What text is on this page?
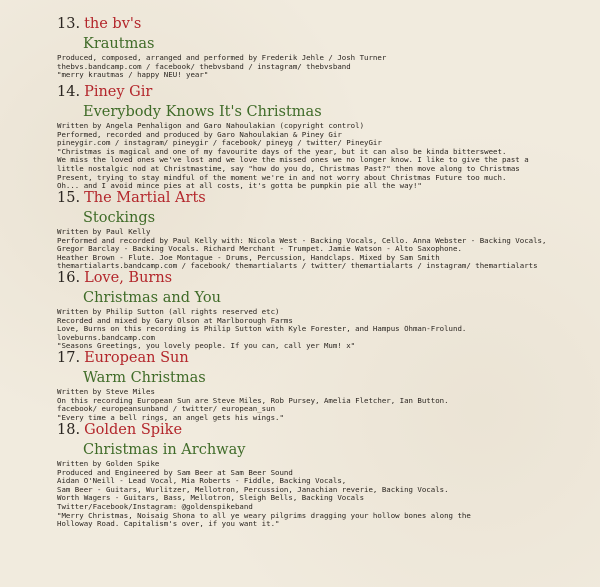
13. the bv's
Krautmas
Produced, composed, arranged and performed by Frederik Jehle / Josh Turner
thebvs.bandcamp.com / facebook/ thebvsband / instagram/ thebvsband
"merry krautmas / happy NEU! year"
14. Piney Gir
Everybody Knows It's Christmas
Written by Angela Penhaligon and Garo Nahoulakian (copyright control)
Performed, recorded and produced by Garo Nahoulakian & Piney Gir
pineygir.com / instagram/ pineygir / facebook/ pineyg / twitter/ PineyGir
"Christmas is magical and one of my favourite days of the year, but it can also be kinda bittersweet.
We miss the loved ones we've lost and we love the missed ones we no longer know. I like to give the past a
little nostalgic nod at Christmastime, say "how do you do, Christmas Past?" then move along to Christmas
Present, trying to stay mindful of the moment we're in and not worry about Christmas Future too much.
Oh... and I avoid mince pies at all costs, it's gotta be pumpkin pie all the way!"
15. The Martial Arts
Stockings
Written by Paul Kelly
Performed and recorded by Paul Kelly with: Nicola West - Backing Vocals, Cello. Anna Webster - Backing Vocals,
Gregor Barclay - Backing Vocals. Richard Merchant - Trumpet. Jamie Watson - Alto Saxophone.
Heather Brown - Flute. Joe Montague - Drums, Percussion, Handclaps. Mixed by Sam Smith
themartialarts.bandcamp.com / facebook/ themartialarts / twitter/ themartialarts / instagram/ themartialarts
16. Love, Burns
Christmas and You
Written by Philip Sutton (all rights reserved etc)
Recorded and mixed by Gary Olson at Marlborough Farms
Love, Burns on this recording is Philip Sutton with Kyle Forester, and Hampus Öhman-Frolund.
loveburns.bandcamp.com
"Seasons Greetings, you lovely people. If you can, call yer Mum! x"
17. European Sun
Warm Christmas
Written by Steve Miles
On this recording European Sun are Steve Miles, Rob Pursey, Amelia Fletcher, Ian Button.
facebook/ europeansunband / twitter/ european_sun
"Every time a bell rings, an angel gets his wings."
18. Golden Spike
Christmas in Archway
Written by Golden Spike
Produced and Engineered by Sam Beer at Sam Beer Sound
Aidan O'Neill - Lead Vocal, Mia Roberts - Fiddle, Backing Vocals,
Sam Beer - Guitars, Wurlitzer, Mellotron, Percussion, Janachian reverie, Backing Vocals.
Worth Wagers - Guitars, Bass, Mellotron, Sleigh Bells, Backing Vocals
Twitter/Facebook/Instagram: @goldenspikeband
"Merry Christmas, Noisaig Shona to all ye weary pilgrims dragging your hollow bones along the
Holloway Road. Capitalism's over, if you want it."
